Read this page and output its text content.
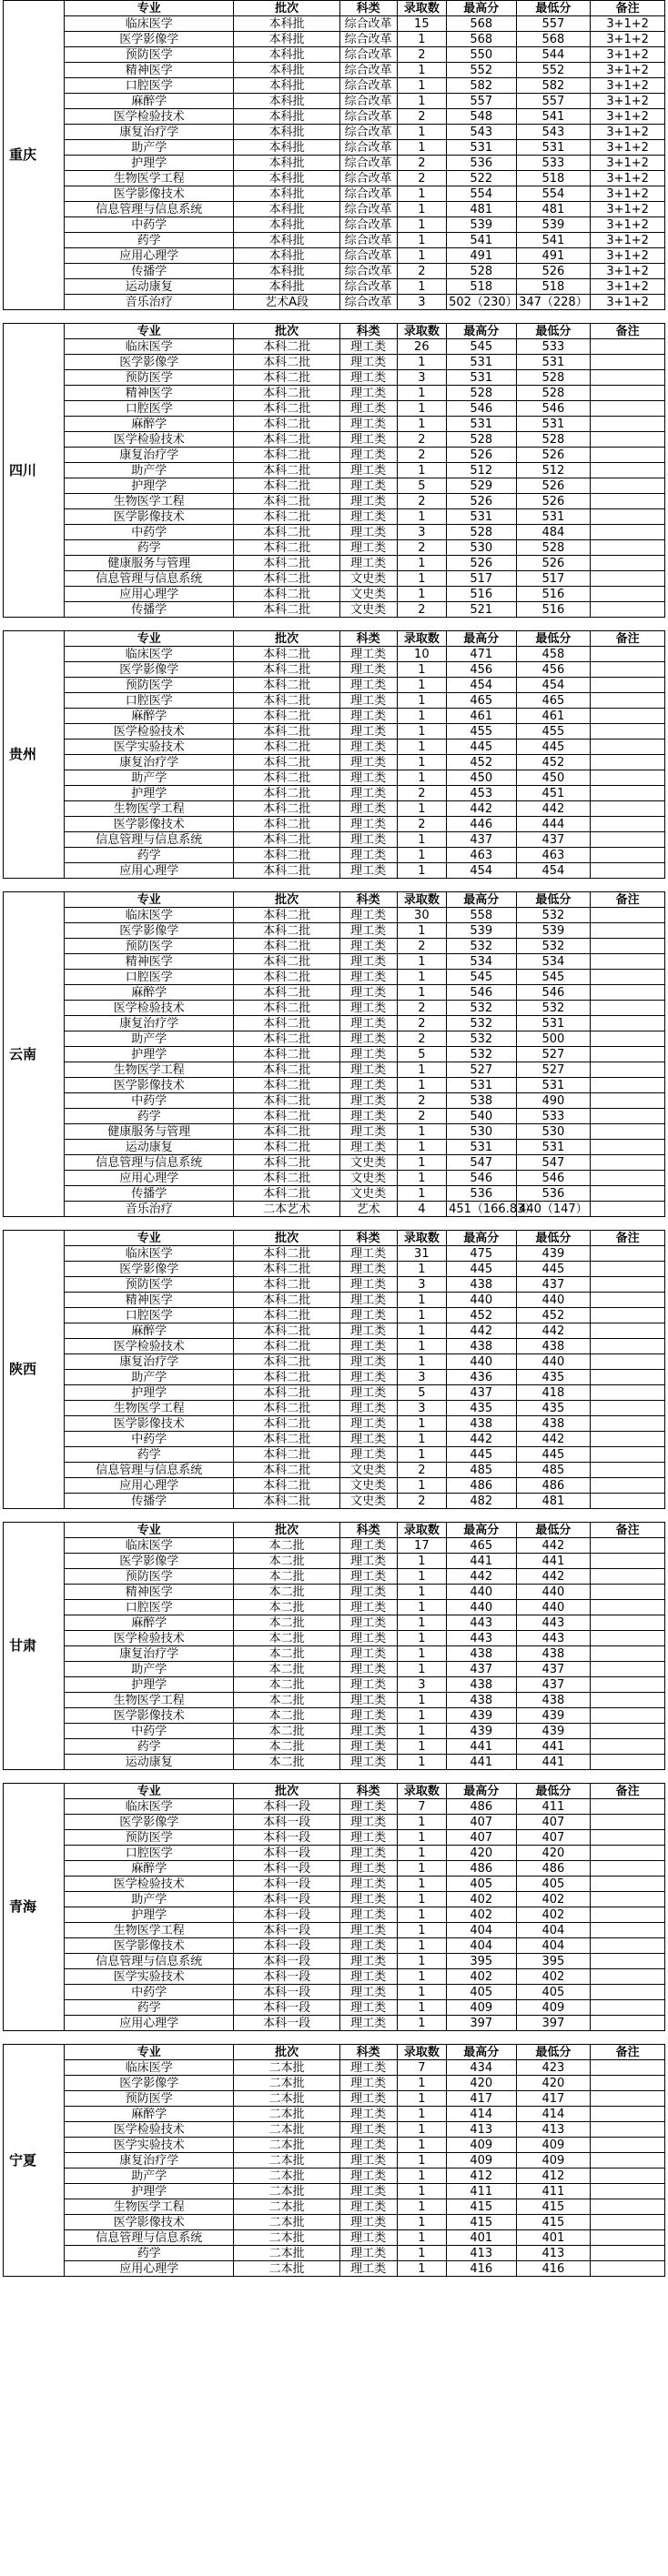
重庆	专业	批次	科类	录取数	最高分	最低分	备注
	临床医学	本科批	综合改革	15	568	557	3+1+2
	医学影像学	本科批	综合改革	1	568	568	3+1+2
	预防医学	本科批	综合改革	2	550	544	3+1+2
	精神医学	本科批	综合改革	1	552	552	3+1+2
	口腔医学	本科批	综合改革	1	582	582	3+1+2
	麻醉学	本科批	综合改革	1	557	557	3+1+2
	医学检验技术	本科批	综合改革	2	548	541	3+1+2
	康复治疗学	本科批	综合改革	1	543	543	3+1+2
	助产学	本科批	综合改革	1	531	531	3+1+2
	护理学	本科批	综合改革	2	536	533	3+1+2
	生物医学工程	本科批	综合改革	2	522	518	3+1+2
	医学影像技术	本科批	综合改革	1	554	554	3+1+2
	信息管理与信息系统	本科批	综合改革	1	481	481	3+1+2
	中药学	本科批	综合改革	1	539	539	3+1+2
	药学	本科批	综合改革	1	541	541	3+1+2
	应用心理学	本科批	综合改革	1	491	491	3+1+2
	传播学	本科批	综合改革	2	528	526	3+1+2
	运动康复	本科批	综合改革	1	518	518	3+1+2
	音乐治疗	艺术A段	综合改革	3	502（230）	347（228）	3+1+2
四川	专业	批次	科类	录取数	最高分	最低分	备注
	临床医学	本科二批	理工类	26	545	533	
	医学影像学	本科二批	理工类	1	531	531	
	预防医学	本科二批	理工类	3	531	528	
	精神医学	本科二批	理工类	1	528	528	
	口腔医学	本科二批	理工类	1	546	546	
	麻醉学	本科二批	理工类	1	531	531	
	医学检验技术	本科二批	理工类	2	528	528	
	康复治疗学	本科二批	理工类	2	526	526	
	助产学	本科二批	理工类	1	512	512	
	护理学	本科二批	理工类	5	529	526	
	生物医学工程	本科二批	理工类	2	526	526	
	医学影像技术	本科二批	理工类	1	531	531	
	中药学	本科二批	理工类	3	528	484	
	药学	本科二批	理工类	2	530	528	
	健康服务与管理	本科二批	理工类	1	526	526	
	信息管理与信息系统	本科二批	文史类	1	517	517	
	应用心理学	本科二批	文史类	1	516	516	
	传播学	本科二批	文史类	2	521	516	
贵州	专业	批次	科类	录取数	最高分	最低分	备注
	临床医学	本科二批	理工类	10	471	458	
	医学影像学	本科二批	理工类	1	456	456	
	预防医学	本科二批	理工类	1	454	454	
	口腔医学	本科二批	理工类	1	465	465	
	麻醉学	本科二批	理工类	1	461	461	
	医学检验技术	本科二批	理工类	1	455	455	
	医学实验技术	本科二批	理工类	1	445	445	
	康复治疗学	本科二批	理工类	1	452	452	
	助产学	本科二批	理工类	1	450	450	
	护理学	本科二批	理工类	2	453	451	
	生物医学工程	本科二批	理工类	1	442	442	
	医学影像技术	本科二批	理工类	2	446	444	
	信息管理与信息系统	本科二批	理工类	1	437	437	
	药学	本科二批	理工类	1	463	463	
	应用心理学	本科二批	理工类	1	454	454	
云南	专业	批次	科类	录取数	最高分	最低分	备注
	临床医学	本科二批	理工类	30	558	532	
	医学影像学	本科二批	理工类	1	539	539	
	预防医学	本科二批	理工类	2	532	532	
	精神医学	本科二批	理工类	1	534	534	
	口腔医学	本科二批	理工类	1	545	545	
	麻醉学	本科二批	理工类	1	546	546	
	医学检验技术	本科二批	理工类	2	532	532	
	康复治疗学	本科二批	理工类	2	532	531	
	助产学	本科二批	理工类	2	532	500	
	护理学	本科二批	理工类	5	532	527	
	生物医学工程	本科二批	理工类	1	527	527	
	医学影像技术	本科二批	理工类	1	531	531	
	中药学	本科二批	理工类	2	538	490	
	药学	本科二批	理工类	2	540	533	
	健康服务与管理	本科二批	理工类	1	530	530	
	运动康复	本科二批	理工类	1	531	531	
	信息管理与信息系统	本科二批	文史类	1	547	547	
	应用心理学	本科二批	文史类	1	546	546	
	传播学	本科二批	文史类	1	536	536	
	音乐治疗	二本艺术	艺术	4	451（166.83）	440（147）	
陕西	专业	批次	科类	录取数	最高分	最低分	备注
	临床医学	本科二批	理工类	31	475	439	
	医学影像学	本科二批	理工类	1	445	445	
	预防医学	本科二批	理工类	3	438	437	
	精神医学	本科二批	理工类	1	440	440	
	口腔医学	本科二批	理工类	1	452	452	
	麻醉学	本科二批	理工类	1	442	442	
	医学检验技术	本科二批	理工类	1	438	438	
	康复治疗学	本科二批	理工类	1	440	440	
	助产学	本科二批	理工类	3	436	435	
	护理学	本科二批	理工类	5	437	418	
	生物医学工程	本科二批	理工类	3	435	435	
	医学影像技术	本科二批	理工类	1	438	438	
	中药学	本科二批	理工类	1	442	442	
	药学	本科二批	理工类	1	445	445	
	信息管理与信息系统	本科二批	文史类	2	485	485	
	应用心理学	本科二批	文史类	1	486	486	
	传播学	本科二批	文史类	2	482	481	
甘肃	专业	批次	科类	录取数	最高分	最低分	备注
	临床医学	本二批	理工类	17	465	442	
	医学影像学	本二批	理工类	1	441	441	
	预防医学	本二批	理工类	1	442	442	
	精神医学	本二批	理工类	1	440	440	
	口腔医学	本二批	理工类	1	440	440	
	麻醉学	本二批	理工类	1	443	443	
	医学检验技术	本二批	理工类	1	443	443	
	康复治疗学	本二批	理工类	1	438	438	
	助产学	本二批	理工类	1	437	437	
	护理学	本二批	理工类	3	438	437	
	生物医学工程	本二批	理工类	1	438	438	
	医学影像技术	本二批	理工类	1	439	439	
	中药学	本二批	理工类	1	439	439	
	药学	本二批	理工类	1	441	441	
	运动康复	本二批	理工类	1	441	441	
青海	专业	批次	科类	录取数	最高分	最低分	备注
	临床医学	本科一段	理工类	7	486	411	
	医学影像学	本科一段	理工类	1	407	407	
	预防医学	本科一段	理工类	1	407	407	
	口腔医学	本科一段	理工类	1	420	420	
	麻醉学	本科一段	理工类	1	486	486	
	医学检验技术	本科一段	理工类	1	405	405	
	助产学	本科一段	理工类	1	402	402	
	护理学	本科一段	理工类	1	402	402	
	生物医学工程	本科一段	理工类	1	404	404	
	医学影像技术	本科一段	理工类	1	404	404	
	信息管理与信息系统	本科一段	理工类	1	395	395	
	医学实验技术	本科一段	理工类	1	402	402	
	中药学	本科一段	理工类	1	405	405	
	药学	本科一段	理工类	1	409	409	
	应用心理学	本科一段	理工类	1	397	397	
宁夏	专业	批次	科类	录取数	最高分	最低分	备注
	临床医学	二本批	理工类	7	434	423	
	医学影像学	二本批	理工类	1	420	420	
	预防医学	二本批	理工类	1	417	417	
	麻醉学	二本批	理工类	1	414	414	
	医学检验技术	二本批	理工类	1	413	413	
	医学实验技术	二本批	理工类	1	409	409	
	康复治疗学	二本批	理工类	1	409	409	
	助产学	二本批	理工类	1	412	412	
	护理学	二本批	理工类	1	411	411	
	生物医学工程	二本批	理工类	1	415	415	
	医学影像技术	二本批	理工类	1	415	415	
	信息管理与信息系统	二本批	理工类	1	401	401	
	药学	二本批	理工类	1	413	413	
	应用心理学	二本批	理工类	1	416	416	
